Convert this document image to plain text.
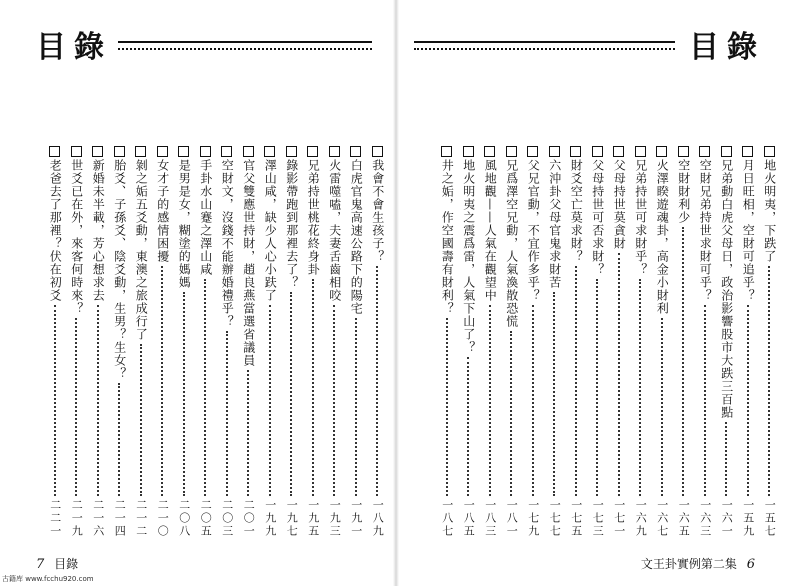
目錄
我會不會生孩子？
一八九
白虎官鬼高速公路下的陽宅
一九一
火雷噬嗑，夫妻舌齒相咬
一九三
兄弟持世桃花終身卦
一九五
錄影帶跑到那裡去了？
一九七
澤山咸，缺少人心小趺了
一九九
官父雙應世持財，趙良燕當選省議員
二〇一
空財文，沒錢不能辦婚禮乎？
二〇三
手卦水山蹇之澤山咸
二〇五
是男是女，糊塗的媽媽
二〇八
女才子的感情困擾
二一〇
剝之姤五爻動，東澳之旅成行了
二一二
胎爻、子孫爻、陰爻動，生男？生女？
二一四
新婚未半載，芳心想求去
二一六
世爻已在外，來客何時來？
二一九
老爸去了那裡？伏在初爻
二二一
7 目錄
目錄
地火明夷，下跌了
一五七
月日旺相，空財可追乎？
一五九
兄弟動白虎父母日，政治影響股市大跌三百點
一六一
空財兄弟持世求財可乎？
一六三
空財財利少
一六五
火澤睽遊魂卦，高金小財利
一六七
兄弟持世可求財乎？
一六九
父母持世莫貪財
一七一
父母持世可否求財？
一七三
財爻空亡莫求財？
一七五
六沖卦父母官鬼求財苦
一七七
父兄官動，不宜作多乎？
一七九
兄爲澤空兄動，人氣渙散恐慌
一八一
風地觀——人氣在觀望中
一八三
地火明夷之震爲雷，人氣下山了？
一八五
井之姤，作空國壽有財利？
一八七
文王卦實例第二集 6
古籍库 www.fcchu920.com
